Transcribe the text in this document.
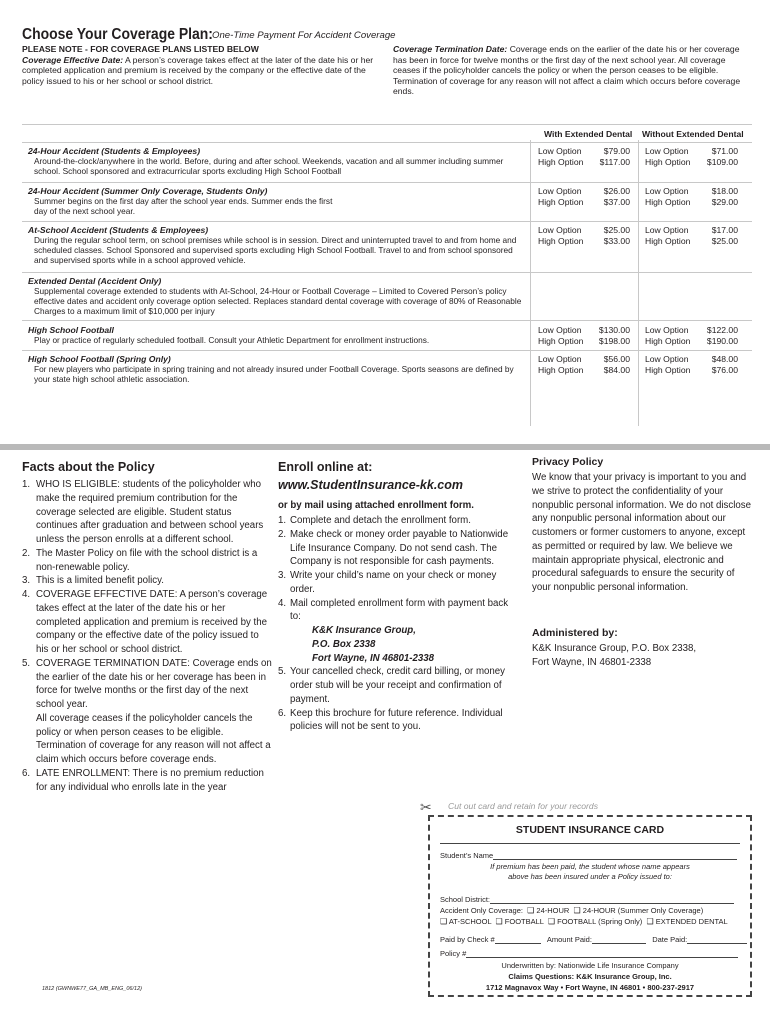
Choose Your Coverage Plan: One-Time Payment For Accident Coverage
PLEASE NOTE - FOR COVERAGE PLANS LISTED BELOW
Coverage Effective Date: A person’s coverage takes effect at the later of the date his or her completed application and premium is received by the company or the effective date of the policy issued to his or her school or school district.
Coverage Termination Date: Coverage ends on the earlier of the date his or her coverage has been in force for twelve months or the first day of the next school year. All coverage ceases if the policyholder cancels the policy or when the person ceases to be eligible. Termination of coverage for any reason will not affect a claim which occurs before coverage ends.
With Extended Dental Without Extended Dental
24-Hour Accident (Students & Employees)
Around-the-clock/anywhere in the world. Before, during and after school. Weekends, vacation and all summer including summer school. School sponsored and extracurricular sports excluding High School Football
Low Option
High Option
$79.00
$117.00
Low Option
High Option
$71.00
$109.00
24-Hour Accident (Summer Only Coverage, Students Only)
Summer begins on the first day after the school year ends. Summer ends the first day of the next school year.
Low Option
High Option
$26.00
$37.00
Low Option
High Option
$18.00
$29.00
At-School Accident (Students & Employees)
During the regular school term, on school premises while school is in session. Direct and uninterrupted travel to and from home and scheduled classes. School Sponsored and supervised sports excluding High School Football. Travel to and from school sponsored and supervised sports while in a school approved vehicle.
Low Option
High Option
$25.00
$33.00
Low Option
High Option
$17.00
$25.00
Extended Dental (Accident Only)
Supplemental coverage extended to students with At-School, 24-Hour or Football Coverage – Limited to Covered Person’s policy effective dates and accident only coverage option selected. Replaces standard dental coverage with coverage of 80% of Reasonable Charges to a maximum limit of $10,000 per injury
High School Football
Play or practice of regularly scheduled football. Consult your Athletic Department for enrollment instructions.
Low Option
High Option
$130.00
$198.00
Low Option
High Option
$122.00
$190.00
High School Football (Spring Only)
For new players who participate in spring training and not already insured under Football Coverage. Sports seasons are defined by your state high school athletic association.
Low Option
High Option
$56.00
$84.00
Low Option
High Option
$48.00
$76.00
Facts about the Policy
1. WHO IS ELIGIBLE: students of the policyholder who make the required premium contribution for the coverage selected are eligible. Student status continues after graduation and between school years unless the person enrolls at a different school.
2. The Master Policy on file with the school district is a non-renewable policy.
3. This is a limited benefit policy.
4. COVERAGE EFFECTIVE DATE: A person’s coverage takes effect at the later of the date his or her completed application and premium is received by the company or the effective date of the policy issued to his or her school or school district.
5. COVERAGE TERMINATION DATE: Coverage ends on the earlier of the date his or her coverage has been in force for twelve months or the first day of the next school year.
All coverage ceases if the policyholder cancels the policy or when person ceases to be eligible. Termination of coverage for any reason will not affect a claim which occurs before coverage ends.
6. LATE ENROLLMENT: There is no premium reduction for any individual who enrolls late in the year
Enroll online at:
www.StudentInsurance-kk.com
or by mail using attached enrollment form.
1. Complete and detach the enrollment form.
2. Make check or money order payable to Nationwide Life Insurance Company. Do not send cash. The Company is not responsible for cash payments.
3. Write your child’s name on your check or money order.
4. Mail completed enrollment form with payment back to:
K&K Insurance Group,
P.O. Box 2338
Fort Wayne, IN 46801-2338
5. Your cancelled check, credit card billing, or money order stub will be your receipt and confirmation of payment.
6. Keep this brochure for future reference. Individual policies will not be sent to you.
Privacy Policy
We know that your privacy is important to you and we strive to protect the confidentiality of your nonpublic personal information. We do not disclose any nonpublic personal information about our customers or former customers to anyone, except as permitted or required by law. We believe we maintain appropriate physical, electronic and procedural safeguards to ensure the security of your nonpublic personal information.
Administered by:
K&K Insurance Group, P.O. Box 2338,
Fort Wayne, IN 46801-2338
✂ Cut out card and retain for your records
STUDENT INSURANCE CARD
Student’s Name
If premium has been paid, the student whose name appears
above has been insured under a Policy issued to:
School District:
Accident Only Coverage: ❑ 24-HOUR ❑ 24-HOUR (Summer Only Coverage)
❑ AT-SCHOOL ❑ FOOTBALL ❑ FOOTBALL (Spring Only) ❑ EXTENDED DENTAL
Paid by Check #	Amount Paid:	Date Paid:
Policy #
Underwritten by: Nationwide Life Insurance Company
Claims Questions: K&K Insurance Group, Inc.
1712 Magnavox Way • Fort Wayne, IN 46801 • 800-237-2917
1812 (GWNWE77_GA_MB_ENG_06/12)
